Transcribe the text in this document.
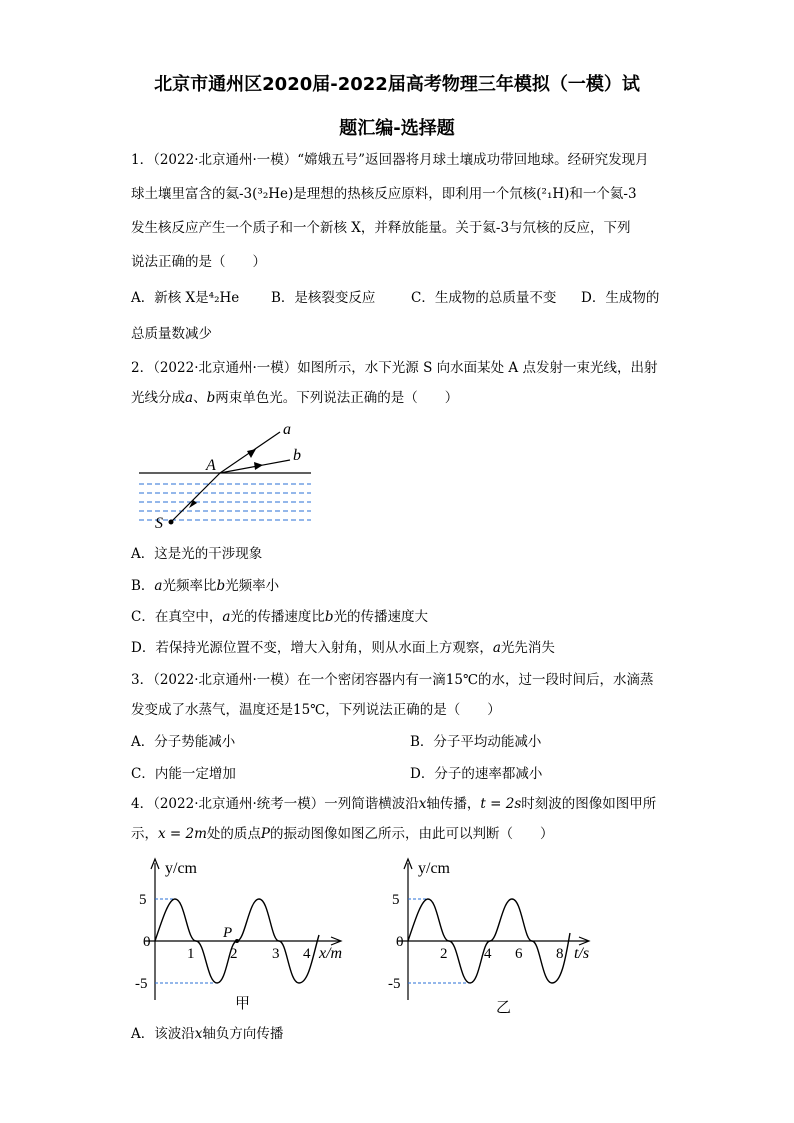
北京市通州区2020届-2022届高考物理三年模拟（一模）试
题汇编-选择题
1．（2022·北京通州·一模）“嫦娥五号”返回器将月球土壤成功带回地球。经研究发现月
球土壤里富含的氦-3(³₂He)是理想的热核反应原料，即利用一个氘核(²₁H)和一个氦-3
发生核反应产生一个质子和一个新核 X，并释放能量。关于氦-3与氘核的反应，下列
说法正确的是（　　）
A．新核 X是⁴₂He B．是核裂变反应	C．生成物的总质量不变 D．生成物的
总质量数减少
2．（2022·北京通州·一模）如图所示，水下光源 S 向水面某处 A 点发射一束光线，出射
光线分成a、b两束单色光。下列说法正确的是（　　）
a
b
A
S
A．这是光的干涉现象
B．a光频率比b光频率小
C．在真空中，a光的传播速度比b光的传播速度大
D．若保持光源位置不变，增大入射角，则从水面上方观察，a光先消失
3．（2022·北京通州·一模）在一个密闭容器内有一滴15℃的水，过一段时间后，水滴蒸
发变成了水蒸气，温度还是15℃，下列说法正确的是（　　）
A．分子势能减小	B．分子平均动能减小
C．内能一定增加	D．分子的速率都减小
4．（2022·北京通州·统考一模）一列简谐横波沿x轴传播，t = 2s时刻波的图像如图甲所
示，x = 2m处的质点P的振动图像如图乙所示，由此可以判断（　　）
y/cm
5
0
-5
1 2 3 4 x/m
P
甲
y/cm
5
0
-5
2 4 6 8 t/s
乙
A．该波沿x轴负方向传播
